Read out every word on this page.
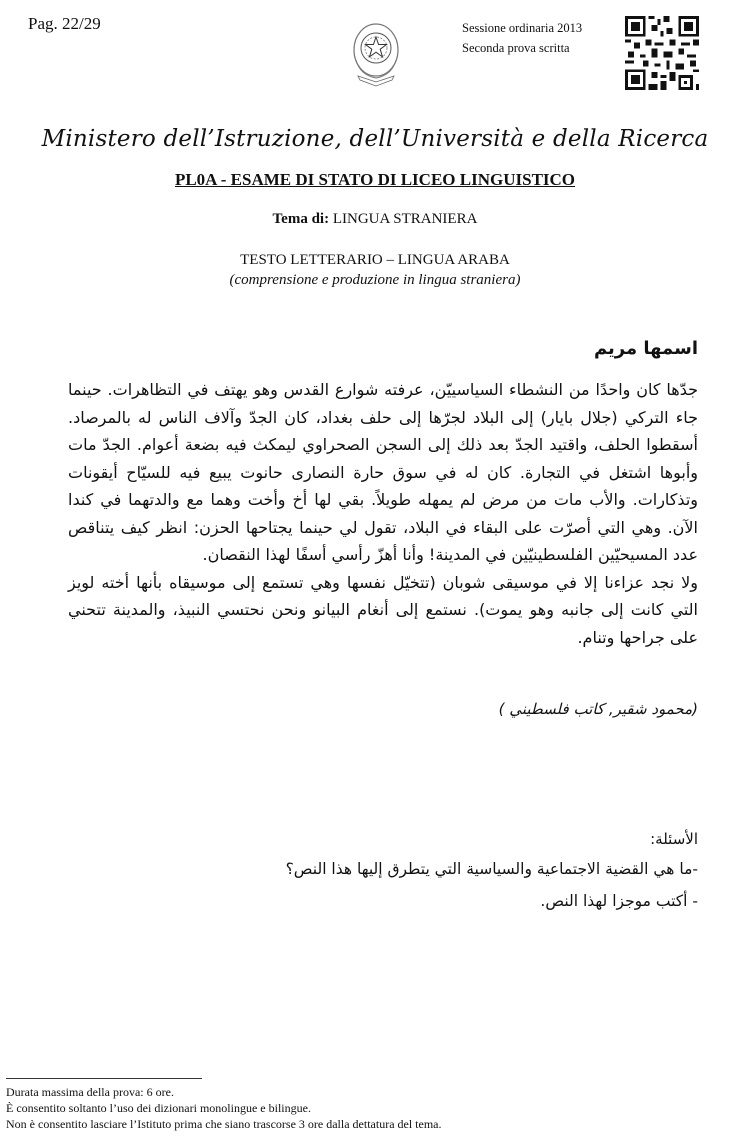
Pag. 22/29	Sessione ordinaria 2013
Seconda prova scritta
Ministero dell’Istruzione, dell’Università e della Ricerca
PL0A - ESAME DI STATO DI LICEO LINGUISTICO
Tema di: LINGUA STRANIERA
TESTO LETTERARIO – LINGUA ARABA
(comprensione e produzione in lingua straniera)
اسمها مريم

جدّها كان واحدًا من النشطاء السياسييّن، عرفته شوارع القدس وهو يهتف في التظاهرات. حينما جاء التركي (جلال بايار) إلى البلاد لجرّها إلى حلف بغداد، كان الجدّ وآلاف الناس له بالمرصاد. أسقطوا الحلف، واقتيد الجدّ بعد ذلك إلى السجن الصحراوي ليمكث فيه بضعة أعوام. الجدّ مات وأبوها اشتغل في التجارة. كان له في سوق حارة النصارى حانوت يبيع فيه للسيّاح أيقونات وتذكارات. والأب مات من مرض لم يمهله طويلاً. بقي لها أخ وأخت وهما مع والدتهما في كندا الآن. وهي التي أصرّت على البقاء في البلاد، تقول لي حينما يجتاحها الحزن: انظر كيف يتناقص عدد المسيحيّين الفلسطينيّين في المدينة! وأنا أهزّ رأسي أسفًا لهذا النقصان.

ولا نجد عزاءنا إلا في موسيقى شوبان (تتخيّل نفسها وهي تستمع إلى موسيقاه بأنها أخته لويز التي كانت إلى جانبه وهو يموت). نستمع إلى أنغام البيانو ونحن نحتسي النبيذ، والمدينة تتحني على جراحها وتنام.

(محمود شقير, كاتب فلسطيني )
الأسئلة:
-ما هي القضية الاجتماعية والسياسية التي يتطرق إليها هذا النص؟
- أكتب موجزا لهذا النص.
Durata massima della prova: 6 ore.
È consentito soltanto l’uso dei dizionari monolingue e bilingue.
Non è consentito lasciare l’Istituto prima che siano trascorse 3 ore dalla dettatura del tema.
